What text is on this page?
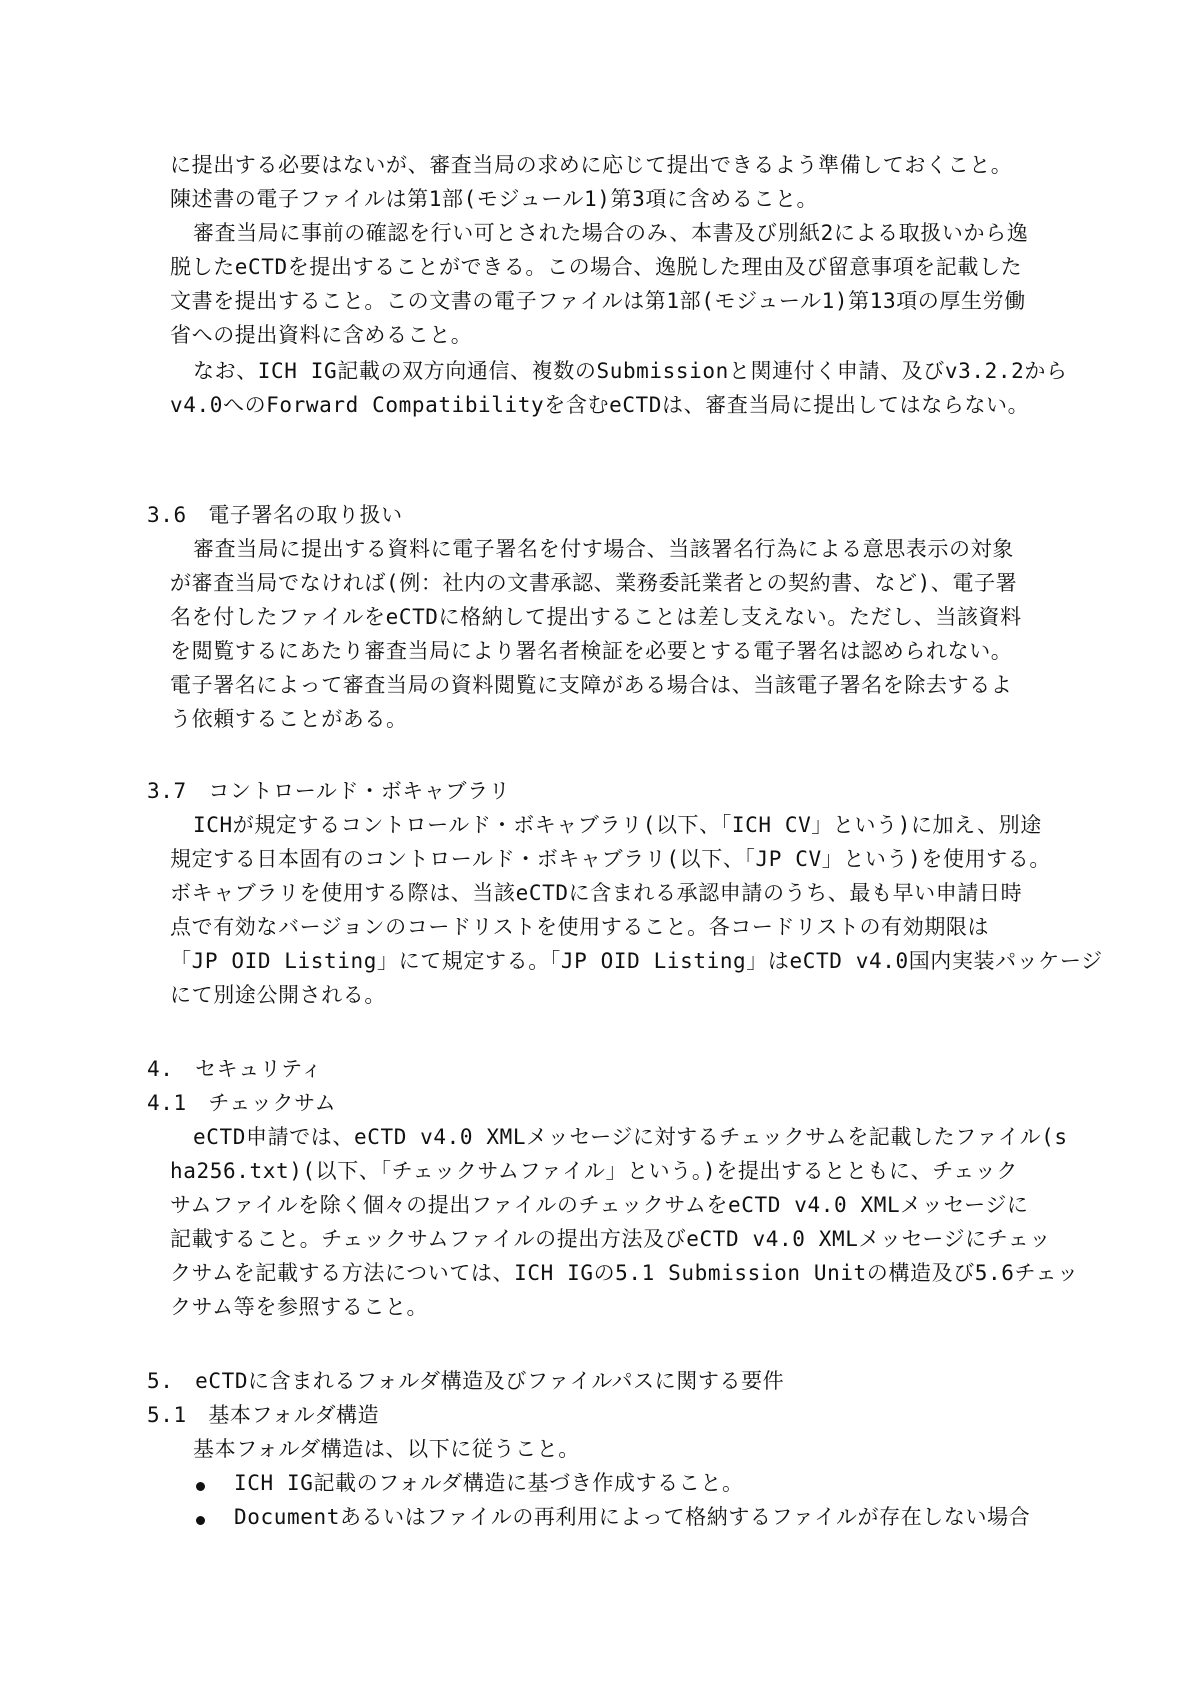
に提出する必要はないが、審査当局の求めに応じて提出できるよう準備しておくこと。

陳述書の電子ファイルは第1部(モジュール1)第3項に含めること。

審査当局に事前の確認を行い可とされた場合のみ、本書及び別紙2による取扱いから逸

脱したeCTDを提出することができる。この場合、逸脱した理由及び留意事項を記載した

文書を提出すること。この文書の電子ファイルは第1部(モジュール1)第13項の厚生労働

省への提出資料に含めること。

なお、ICH IG記載の双方向通信、複数のSubmissionと関連付く申請、及びv3.2.2から

v4.0へのForward Compatibilityを含むeCTDは、審査当局に提出してはならない。

3.6　電子署名の取り扱い

審査当局に提出する資料に電子署名を付す場合、当該署名行為による意思表示の対象

が審査当局でなければ(例：社内の文書承認、業務委託業者との契約書、など)、電子署

名を付したファイルをeCTDに格納して提出することは差し支えない。ただし、当該資料

を閲覧するにあたり審査当局により署名者検証を必要とする電子署名は認められない。

電子署名によって審査当局の資料閲覧に支障がある場合は、当該電子署名を除去するよ

う依頼することがある。

3.7　コントロールド・ボキャブラリ

ICHが規定するコントロールド・ボキャブラリ(以下、「ICH CV」という)に加え、別途

規定する日本固有のコントロールド・ボキャブラリ(以下、「JP CV」という)を使用する。

ボキャブラリを使用する際は、当該eCTDに含まれる承認申請のうち、最も早い申請日時

点で有効なバージョンのコードリストを使用すること。各コードリストの有効期限は

「JP OID Listing」にて規定する。「JP OID Listing」はeCTD v4.0国内実装パッケージ

にて別途公開される。

4.　セキュリティ
4.1　チェックサム

eCTD申請では、eCTD v4.0 XMLメッセージに対するチェックサムを記載したファイル(s

ha256.txt)(以下、「チェックサムファイル」という。)を提出するとともに、チェック

サムファイルを除く個々の提出ファイルのチェックサムをeCTD v4.0 XMLメッセージに

記載すること。チェックサムファイルの提出方法及びeCTD v4.0 XMLメッセージにチェッ

クサムを記載する方法については、ICH IGの5.1 Submission Unitの構造及び5.6チェッ

クサム等を参照すること。

5.　eCTDに含まれるフォルダ構造及びファイルパスに関する要件
5.1　基本フォルダ構造

基本フォルダ構造は、以下に従うこと。

ICH IG記載のフォルダ構造に基づき作成すること。

Documentあるいはファイルの再利用によって格納するファイルが存在しない場合
